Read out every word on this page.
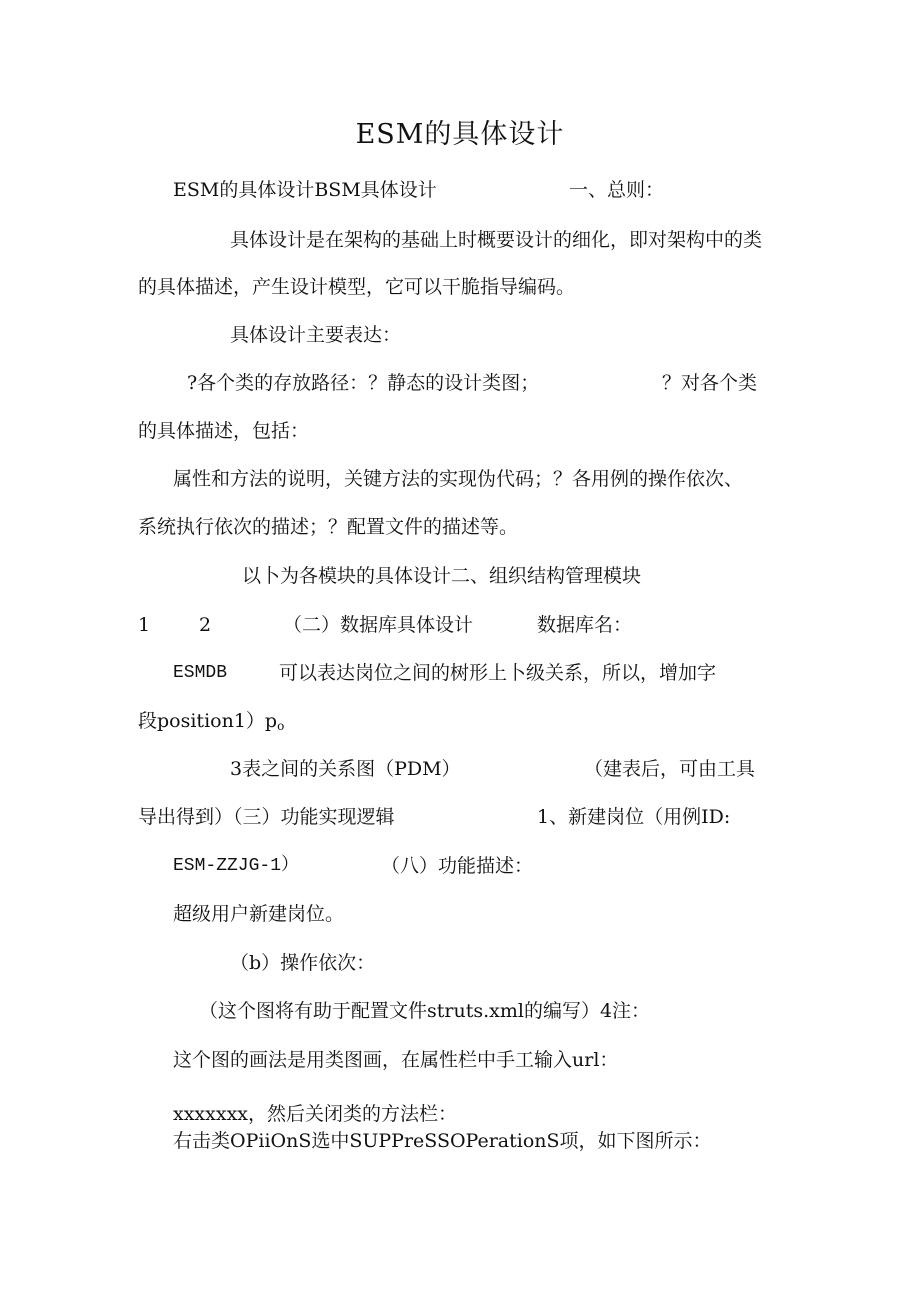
ESM的具体设计
ESM的具体设计BSM具体设计	一、总则：
具体设计是在架构的基础上时概要设计的细化，即对架构中的类
的具体描述，产生设计模型，它可以干脆指导编码。
具体设计主要表达：
?各个类的存放路径：？静态的设计类图；	？对各个类
的具体描述，包括：
属性和方法的说明，关键方法的实现伪代码；？各用例的操作依次、
系统执行依次的描述；？配置文件的描述等。
以卜为各模块的具体设计二、组织结构管理模块
1	2	（二）数据库具体设计	数据库名：
ESMDB	可以表达岗位之间的树形上卜级关系，所以，增加字
段$position1)p_o$
3表之间的关系图（PDM）	（建表后，可由工具
导出得到）（三）功能实现逻辑	1、新建岗位（用例ID:
ESM-ZZJG-1）	（八）功能描述：
超级用户新建岗位。
（b）操作依次：
（这个图将有助于配置文件struts.xml的编写）4注：
这个图的画法是用类图画，在属性栏中手工输入url：
xxxxxxx，然后关闭类的方法栏：
右击类OPiiOnS选中SUPPreSSOPerationS项，如下图所示：
